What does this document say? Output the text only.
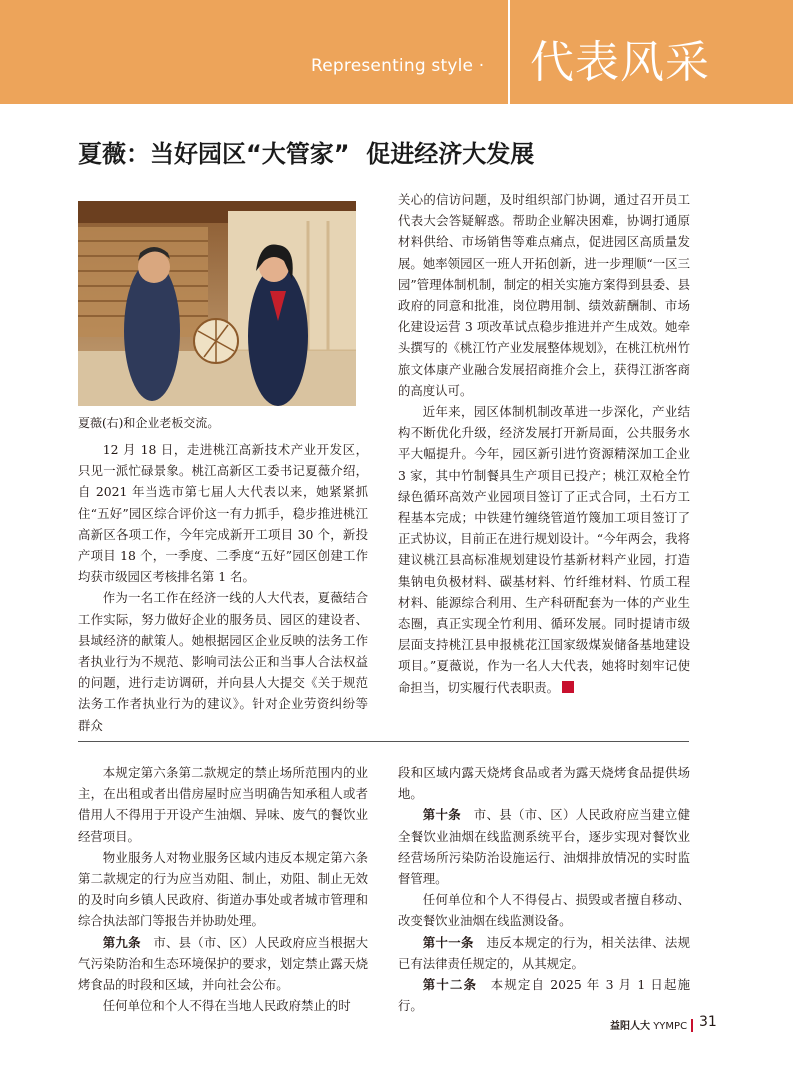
Representing style · 代表风采
夏薇：当好园区“大管家”  促进经济大发展
夏薇(右)和企业老板交流。

12 月 18 日，走进桃江高新技术产业开发区，只见一派忙碌景象。桃江高新区工委书记夏薇介绍，自 2021 年当选市第七届人大代表以来，她紧紧抓住“五好”园区综合评价这一有力抓手，稳步推进桃江高新区各项工作，今年完成新开工项目 30 个，新投产项目 18 个，一季度、二季度“五好”园区创建工作均获市级园区考核排名第 1 名。

作为一名工作在经济一线的人大代表，夏薇结合工作实际，努力做好企业的服务员、园区的建设者、县域经济的献策人。她根据园区企业反映的法务工作者执业行为不规范、影响司法公正和当事人合法权益的问题，进行走访调研，并向县人大提交《关于规范法务工作者执业行为的建议》。针对企业劳资纠纷等群众

关心的信访问题，及时组织部门协调，通过召开员工代表大会答疑解惑。帮助企业解决困难，协调打通原材料供给、市场销售等难点痛点，促进园区高质量发展。她率领园区一班人开拓创新，进一步理顺“一区三园”管理体制机制，制定的相关实施方案得到县委、县政府的同意和批准，岗位聘用制、绩效薪酬制、市场化建设运营 3 项改革试点稳步推进并产生成效。她牵头撰写的《桃江竹产业发展整体规划》，在桃江杭州竹旅文体康产业融合发展招商推介会上，获得江浙客商的高度认可。

近年来，园区体制机制改革进一步深化，产业结构不断优化升级，经济发展打开新局面，公共服务水平大幅提升。今年，园区新引进竹资源精深加工企业 3 家，其中竹制餐具生产项目已投产；桃江双枪全竹绿色循环高效产业园项目签订了正式合同，土石方工程基本完成；中铁建竹缠绕管道竹篾加工项目签订了正式协议，目前正在进行规划设计。“今年两会，我将建议桃江县高标准规划建设竹基新材料产业园，打造集钠电负极材料、碳基材料、竹纤维材料、竹质工程材料、能源综合利用、生产科研配套为一体的产业生态圈，真正实现全竹利用、循环发展。同时提请市级层面支持桃江县申报桃花江国家级煤炭储备基地建设项目。”夏薇说，作为一名人大代表，她将时刻牢记使命担当，切实履行代表职责。

本规定第六条第二款规定的禁止场所范围内的业主，在出租或者出借房屋时应当明确告知承租人或者借用人不得用于开设产生油烟、异味、废气的餐饮业经营项目。

物业服务人对物业服务区域内违反本规定第六条第二款规定的行为应当劝阻、制止，劝阻、制止无效的及时向乡镇人民政府、街道办事处或者城市管理和综合执法部门等报告并协助处理。

第九条　市、县（市、区）人民政府应当根据大气污染防治和生态环境保护的要求，划定禁止露天烧烤食品的时段和区域，并向社会公布。

任何单位和个人不得在当地人民政府禁止的时

段和区域内露天烧烤食品或者为露天烧烤食品提供场地。

第十条　市、县（市、区）人民政府应当建立健全餐饮业油烟在线监测系统平台，逐步实现对餐饮业经营场所污染防治设施运行、油烟排放情况的实时监督管理。

任何单位和个人不得侵占、损毁或者擅自移动、改变餐饮业油烟在线监测设备。

第十一条　违反本规定的行为，相关法律、法规已有法律责任规定的，从其规定。

第十二条　本规定自 2025 年 3 月 1 日起施行。

益阳人大 YYMPC 31
